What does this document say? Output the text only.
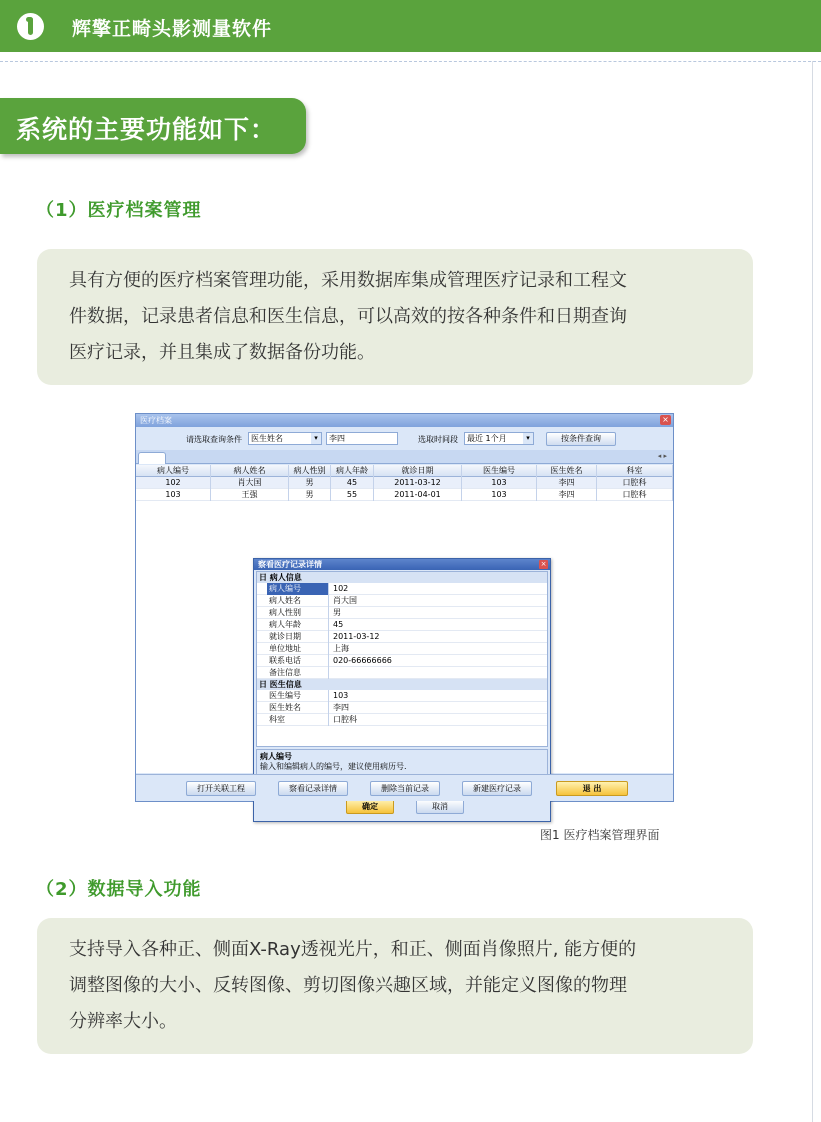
辉擎正畸头影测量软件
系统的主要功能如下：
（1）医疗档案管理
具有方便的医疗档案管理功能，采用数据库集成管理医疗记录和工程文
件数据，记录患者信息和医生信息，可以高效的按各种条件和日期查询
医疗记录，并且集成了数据备份功能。
医疗档案	×
请选取查询条件	医生姓名	▾	李四	选取时间段	最近 1个月	▾	按条件查询
◂ ▸
病人编号	病人姓名	病人性别	病人年龄	就诊日期	医生编号	医生姓名	科室
102	肖大国	男	45	2011-03-12	103	李四	口腔科
103	王强	男	55	2011-04-01	103	李四	口腔科
察看医疗记录详情	×
日 病人信息
病人编号	102
病人姓名	肖大国
病人性别	男
病人年龄	45
就诊日期	2011-03-12
单位地址	上海
联系电话	020-66666666
备注信息
日 医生信息
医生编号	103
医生姓名	李四
科室	口腔科
病人编号
输入和编辑病人的编号，建议使用病历号.
确定	取消
打开关联工程	察看记录详情	删除当前记录	新建医疗记录	退 出
图1 医疗档案管理界面
（2）数据导入功能
支持导入各种正、侧面X-Ray透视光片，和正、侧面肖像照片, 能方便的
调整图像的大小、反转图像、剪切图像兴趣区域，并能定义图像的物理
分辨率大小。
